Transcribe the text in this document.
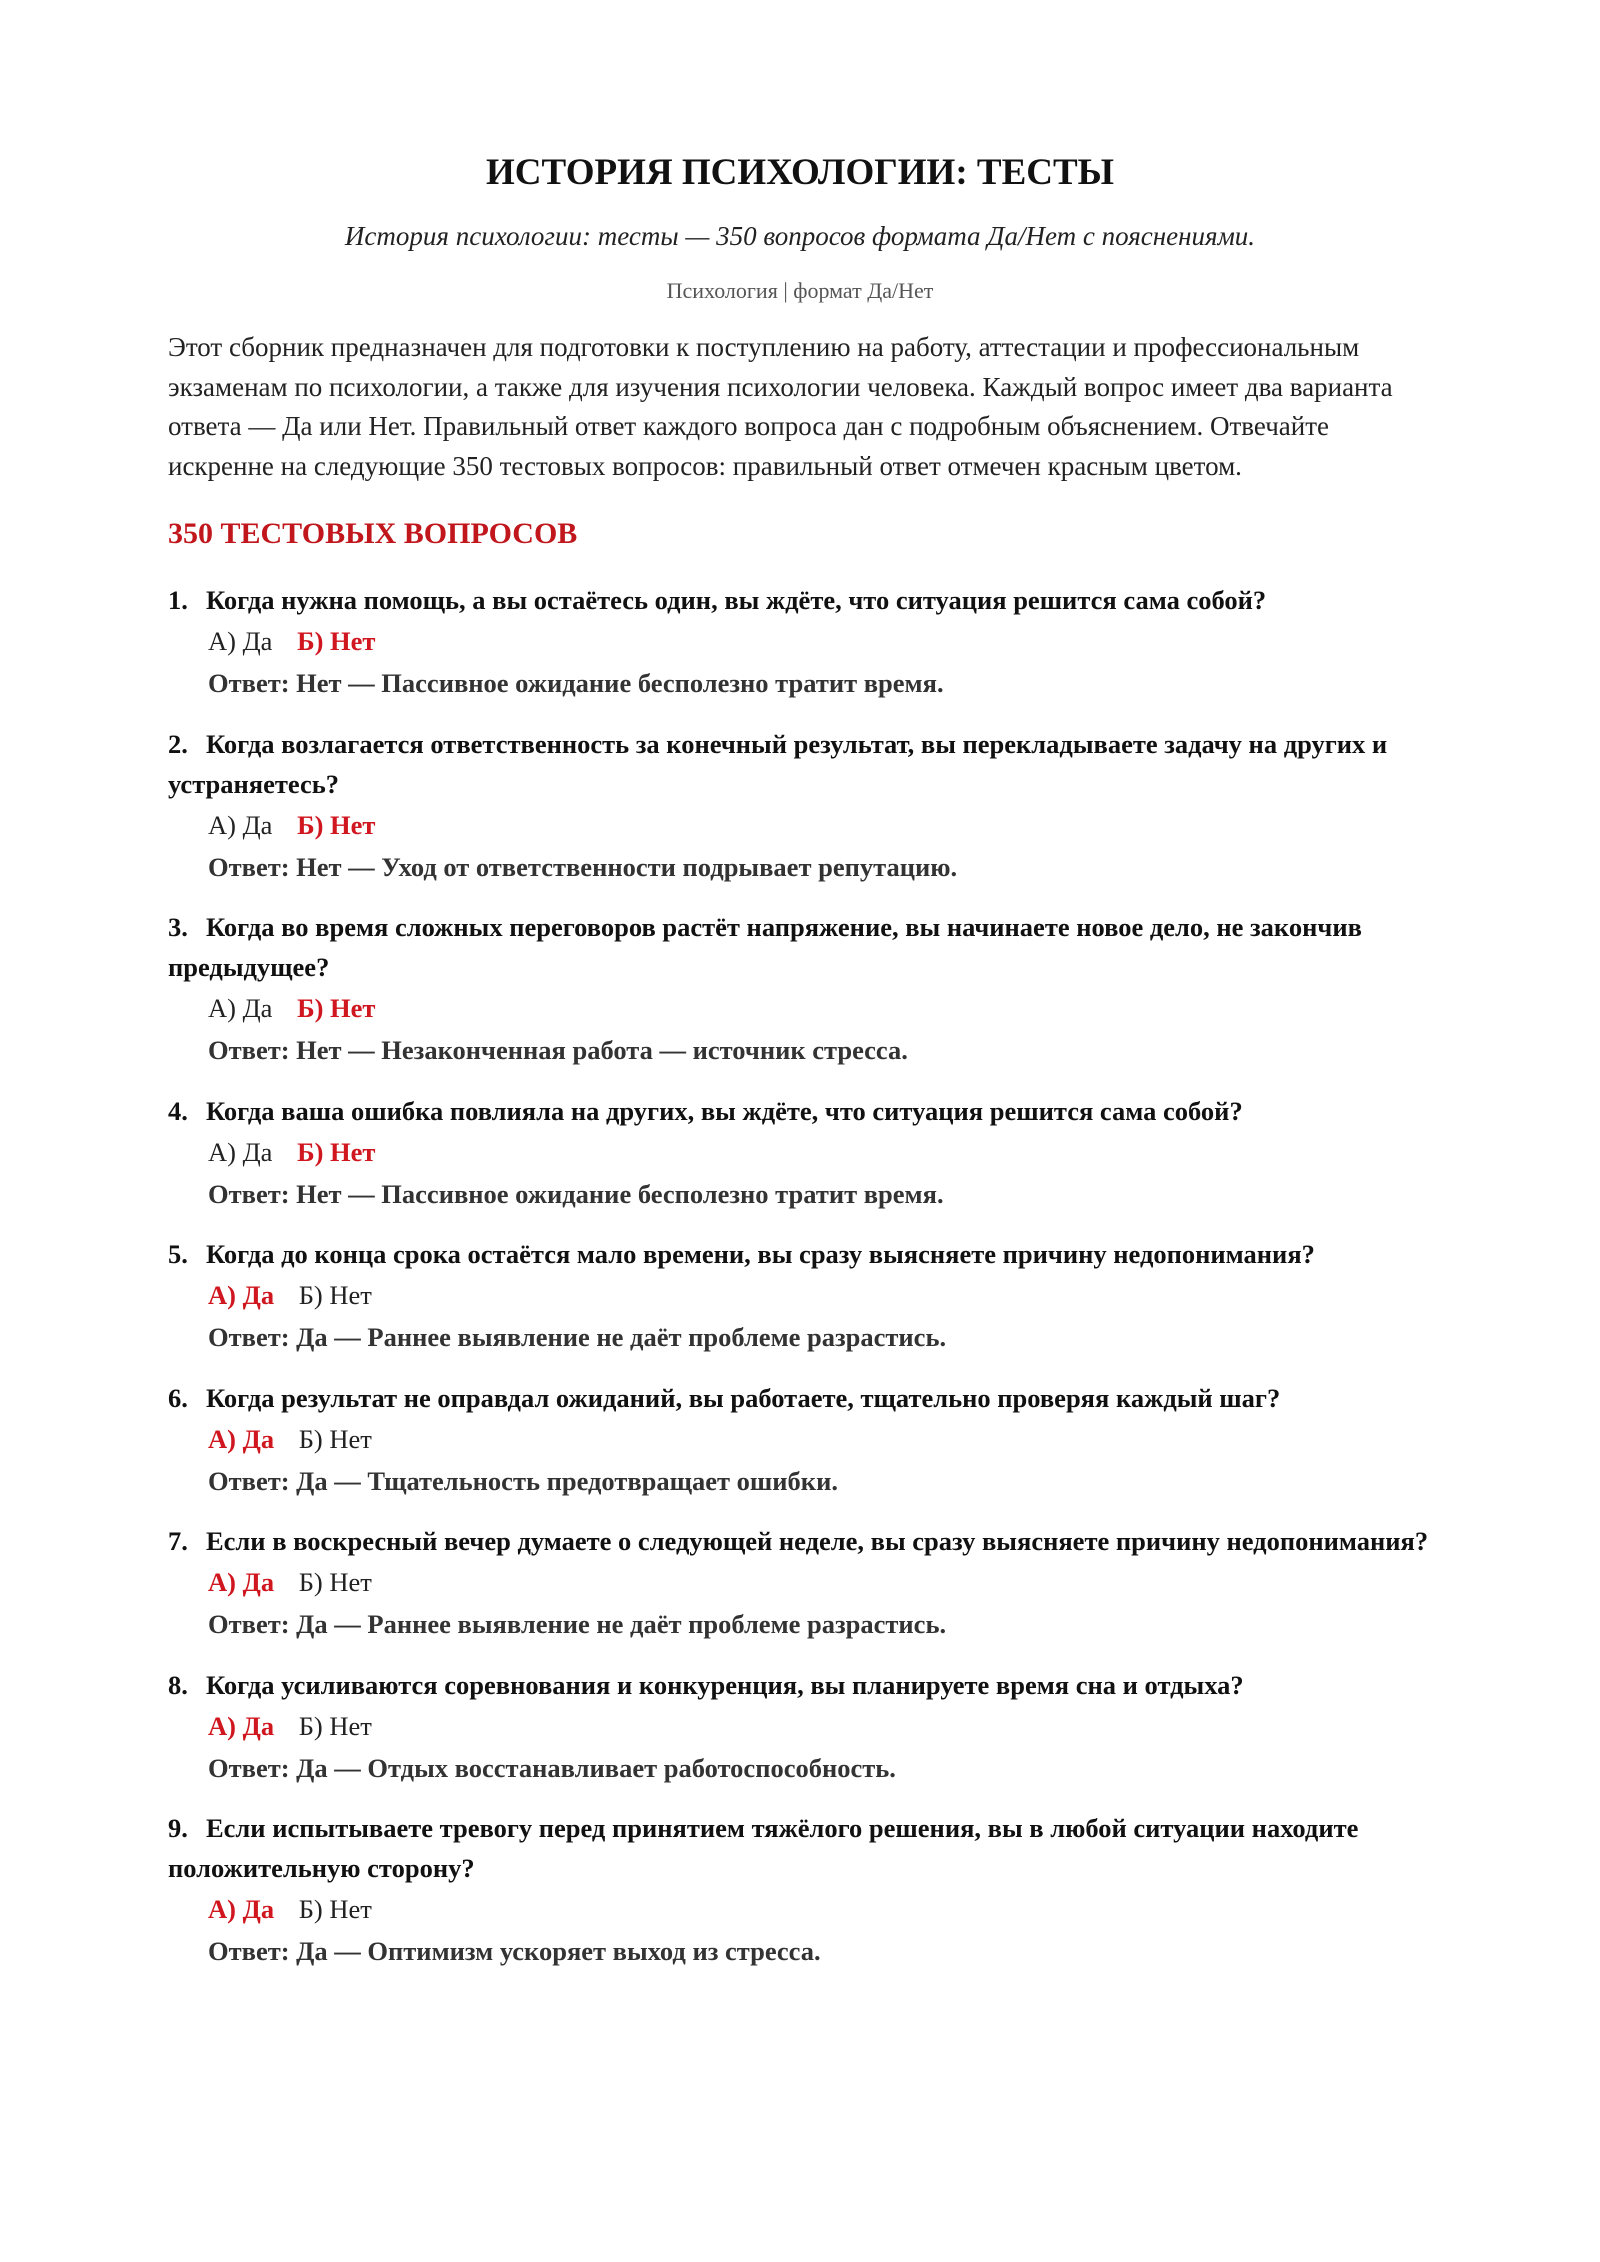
ИСТОРИЯ ПСИХОЛОГИИ: ТЕСТЫ
История психологии: тесты — 350 вопросов формата Да/Нет с пояснениями.
Психология | формат Да/Нет

Этот сборник предназначен для подготовки к поступлению на работу, аттестации и профессиональным экзаменам по психологии, а также для изучения психологии человека. Каждый вопрос имеет два варианта ответа — Да или Нет. Правильный ответ каждого вопроса дан с подробным объяснением. Отвечайте искренне на следующие 350 тестовых вопросов: правильный ответ отмечен красным цветом.

350 ТЕСТОВЫХ ВОПРОСОВ
1. Когда нужна помощь, а вы остаётесь один, вы ждёте, что ситуация решится сама собой?
А) Да Б) Нет
Ответ: Нет — Пассивное ожидание бесполезно тратит время.
2. Когда возлагается ответственность за конечный результат, вы перекладываете задачу на других и устраняетесь?
А) Да Б) Нет
Ответ: Нет — Уход от ответственности подрывает репутацию.
3. Когда во время сложных переговоров растёт напряжение, вы начинаете новое дело, не закончив предыдущее?
А) Да Б) Нет
Ответ: Нет — Незаконченная работа — источник стресса.
4. Когда ваша ошибка повлияла на других, вы ждёте, что ситуация решится сама собой?
А) Да Б) Нет
Ответ: Нет — Пассивное ожидание бесполезно тратит время.
5. Когда до конца срока остаётся мало времени, вы сразу выясняете причину недопонимания?
А) Да Б) Нет
Ответ: Да — Раннее выявление не даёт проблеме разрастись.
6. Когда результат не оправдал ожиданий, вы работаете, тщательно проверяя каждый шаг?
А) Да Б) Нет
Ответ: Да — Тщательность предотвращает ошибки.
7. Если в воскресный вечер думаете о следующей неделе, вы сразу выясняете причину недопонимания?
А) Да Б) Нет
Ответ: Да — Раннее выявление не даёт проблеме разрастись.
8. Когда усиливаются соревнования и конкуренция, вы планируете время сна и отдыха?
А) Да Б) Нет
Ответ: Да — Отдых восстанавливает работоспособность.
9. Если испытываете тревогу перед принятием тяжёлого решения, вы в любой ситуации находите положительную сторону?
А) Да Б) Нет
Ответ: Да — Оптимизм ускоряет выход из стресса.
